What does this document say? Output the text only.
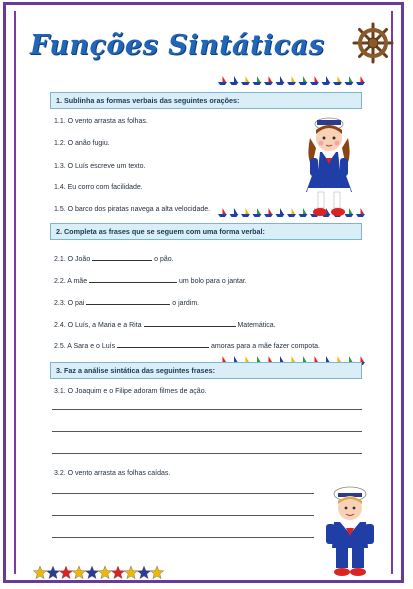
Funções Sintáticas
1. Sublinha as formas verbais das seguintes orações:
1.1. O vento arrasta as folhas.
1.2. O anão fugiu.
1.3. O Luís escreve um texto.
1.4. Eu corro com facilidade.
1.5. O barco dos piratas navega a alta velocidade.
2. Completa as frases que se seguem com uma forma verbal:
2.1. O João	o pão.
2.2. A mãe	um bolo para o jantar.
2.3. O pai	o jardim.
2.4. O Luís, a Maria e a Rita	Matemática.
2.5. A Sara e o Luís	amoras para a mãe fazer compota.
3. Faz a análise sintática das seguintes frases:
3.1. O Joaquim e o Filipe adoram filmes de ação.
3.2. O vento arrasta as folhas caídas.
